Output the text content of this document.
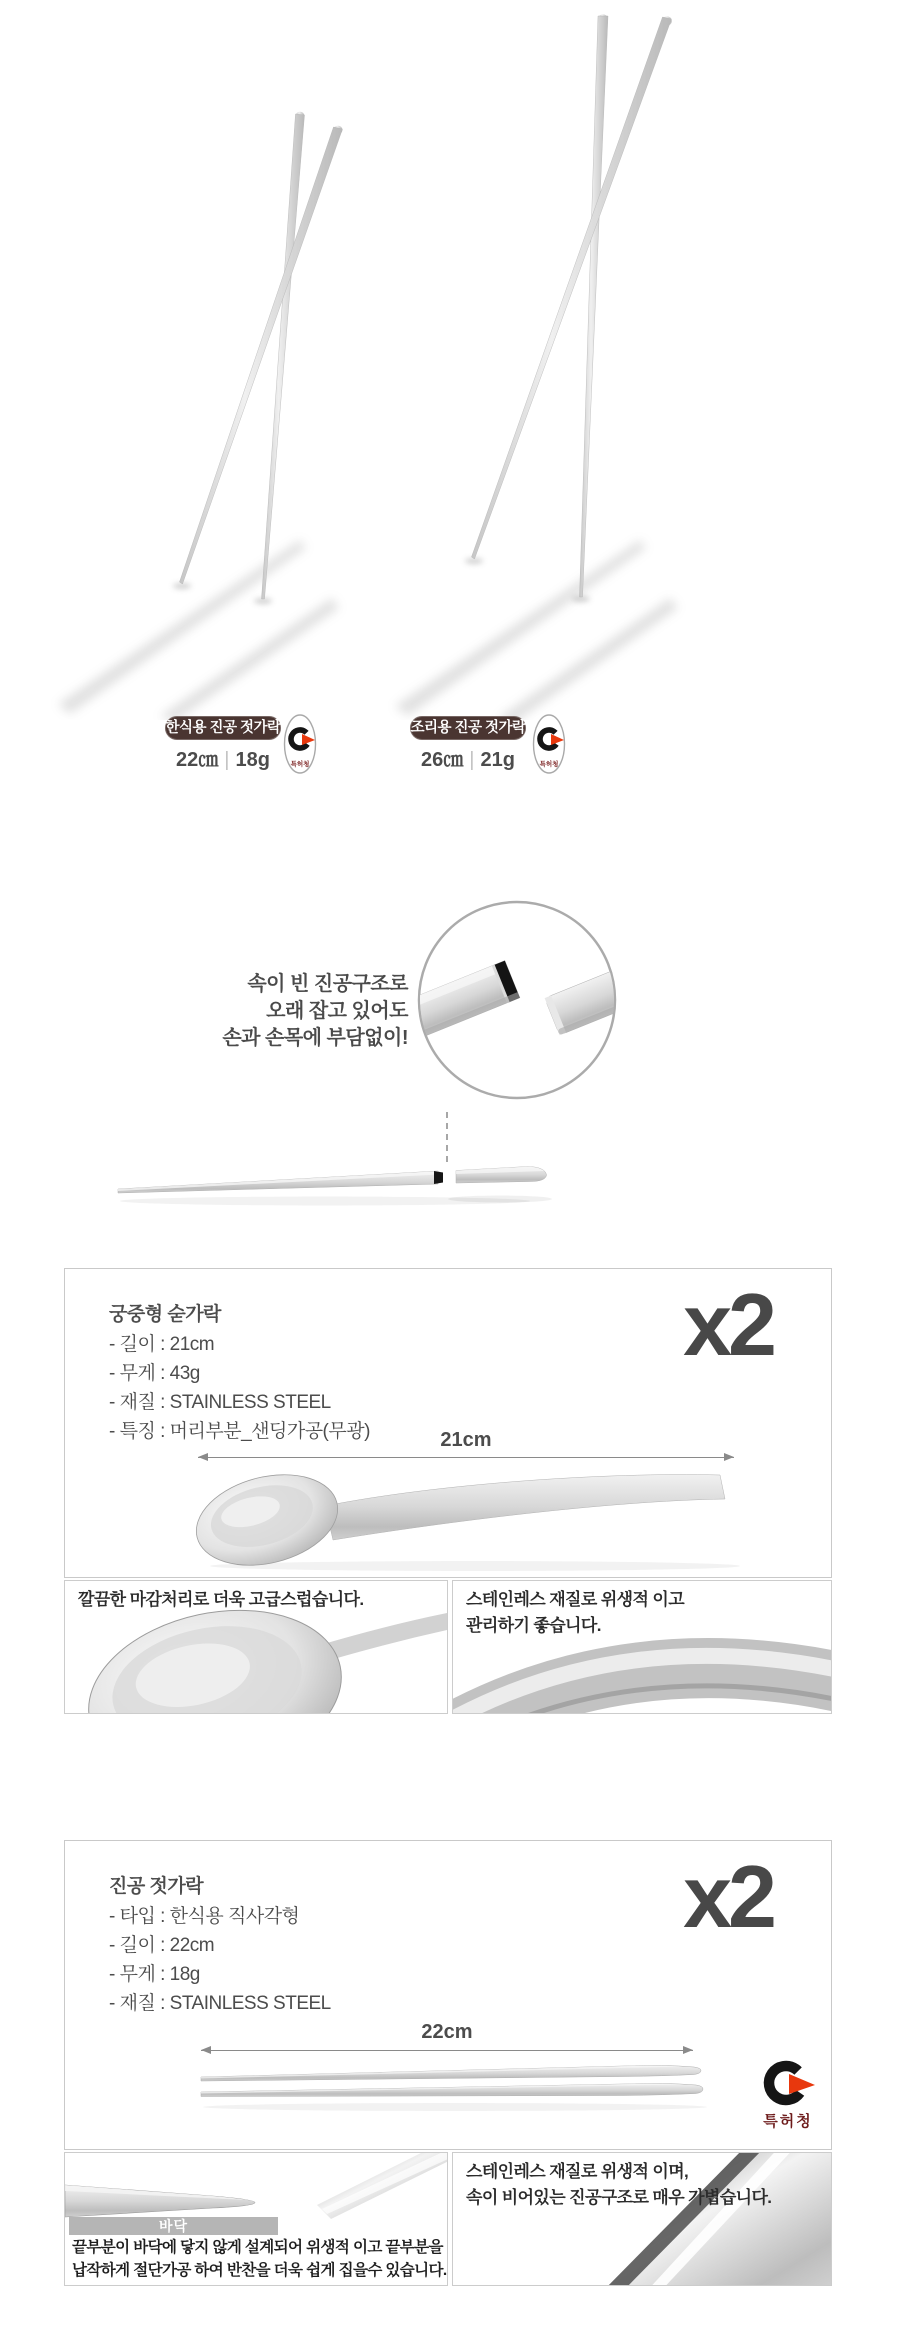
한식용 진공 젓가락
22㎝ | 18g	특허청
조리용 진공 젓가락
26㎝ | 21g	특허청
속이 빈 진공구조로
오래 잡고 있어도
손과 손목에 부담없이!
궁중형 숟가락
- 길이 : 21cm
- 무게 : 43g
- 재질 : STAINLESS STEEL
- 특징 : 머리부분_샌딩가공(무광)
x2
21cm
깔끔한 마감처리로 더욱 고급스럽습니다.	스테인레스 재질로 위생적 이고
관리하기 좋습니다.
진공 젓가락
- 타입 : 한식용 직사각형
- 길이 : 22cm
- 무게 : 18g
- 재질 : STAINLESS STEEL
x2
22cm
특허청
바닥
끝부분이 바닥에 닿지 않게 설계되어 위생적 이고 끝부분을
납작하게 절단가공 하여 반찬을 더욱 쉽게 집을수 있습니다.
스테인레스 재질로 위생적 이며,
속이 비어있는 진공구조로 매우 가볍습니다.
